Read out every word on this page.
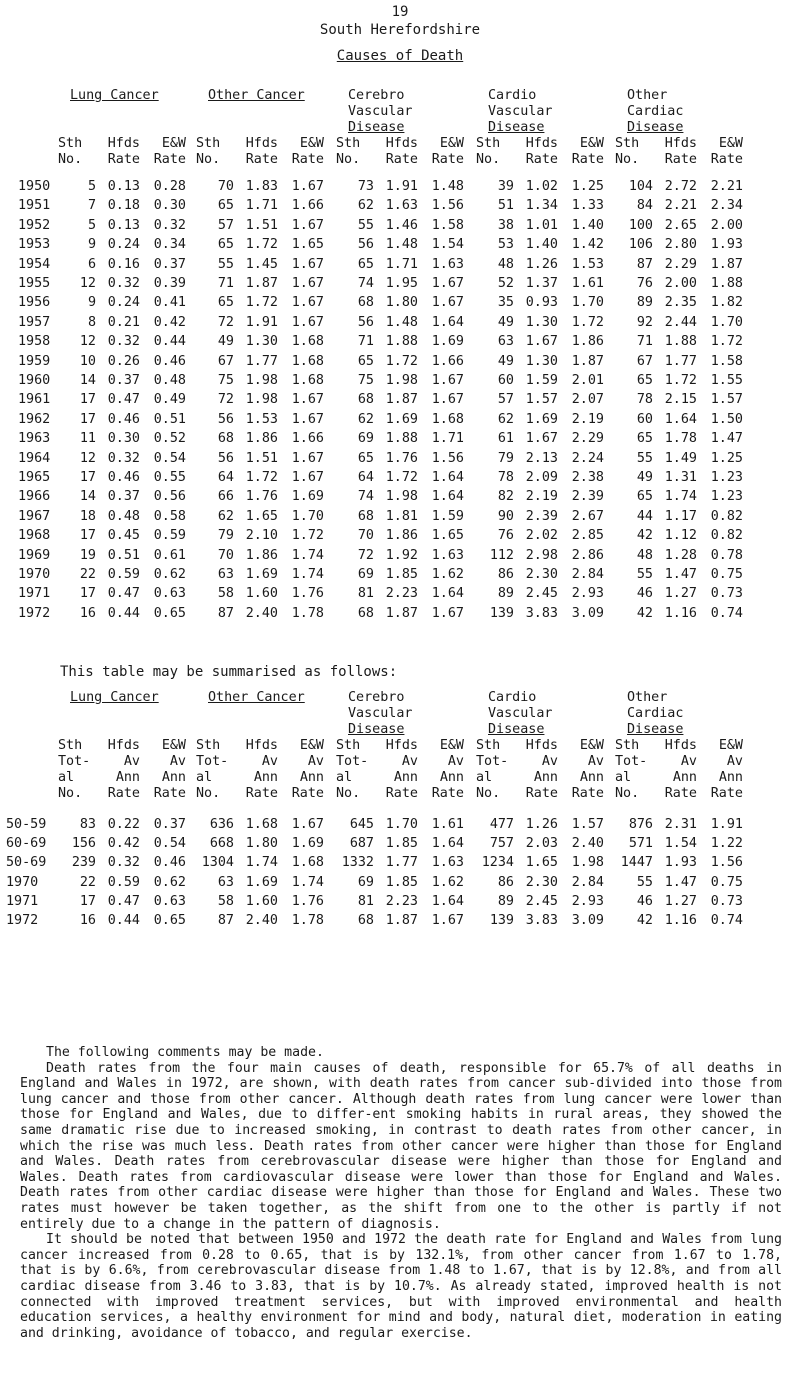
19
South Herefordshire
Causes of Death
Lung Cancer	Other Cancer	Cerebro
Vascular
Disease
Cardio
Vascular
Disease
Other
Cardiac
Disease
Sth	Hfds	E&W Sth	Hfds	E&W Sth	Hfds	E&W Sth	Hfds	E&W Sth	Hfds	E&W
No.	Rate	Rate No.	Rate	Rate No.	Rate	Rate No.	Rate	Rate No.	Rate	Rate
1950	5 0.13	0.28	70 1.83	1.67	73 1.91	1.48	39 1.02	1.25	104 2.72	2.21
1951	7 0.18	0.30	65 1.71	1.66	62 1.63	1.56	51 1.34	1.33	84 2.21	2.34
1952	5 0.13	0.32	57 1.51	1.67	55 1.46	1.58	38 1.01	1.40	100 2.65	2.00
1953	9 0.24	0.34	65 1.72	1.65	56 1.48	1.54	53 1.40	1.42	106 2.80	1.93
1954	6 0.16	0.37	55 1.45	1.67	65 1.71	1.63	48 1.26	1.53	87 2.29	1.87
1955	12 0.32	0.39	71 1.87	1.67	74 1.95	1.67	52 1.37	1.61	76 2.00	1.88
1956	9 0.24	0.41	65 1.72	1.67	68 1.80	1.67	35 0.93	1.70	89 2.35	1.82
1957	8 0.21	0.42	72 1.91	1.67	56 1.48	1.64	49 1.30	1.72	92 2.44	1.70
1958	12 0.32	0.44	49 1.30	1.68	71 1.88	1.69	63 1.67	1.86	71 1.88	1.72
1959	10 0.26	0.46	67 1.77	1.68	65 1.72	1.66	49 1.30	1.87	67 1.77	1.58
1960	14 0.37	0.48	75 1.98	1.68	75 1.98	1.67	60 1.59	2.01	65 1.72	1.55
1961	17 0.47	0.49	72 1.98	1.67	68 1.87	1.67	57 1.57	2.07	78 2.15	1.57
1962	17 0.46	0.51	56 1.53	1.67	62 1.69	1.68	62 1.69	2.19	60 1.64	1.50
1963	11 0.30	0.52	68 1.86	1.66	69 1.88	1.71	61 1.67	2.29	65 1.78	1.47
1964	12 0.32	0.54	56 1.51	1.67	65 1.76	1.56	79 2.13	2.24	55 1.49	1.25
1965	17 0.46	0.55	64 1.72	1.67	64 1.72	1.64	78 2.09	2.38	49 1.31	1.23
1966	14 0.37	0.56	66 1.76	1.69	74 1.98	1.64	82 2.19	2.39	65 1.74	1.23
1967	18 0.48	0.58	62 1.65	1.70	68 1.81	1.59	90 2.39	2.67	44 1.17	0.82
1968	17 0.45	0.59	79 2.10	1.72	70 1.86	1.65	76 2.02	2.85	42 1.12	0.82
1969	19 0.51	0.61	70 1.86	1.74	72 1.92	1.63	112 2.98	2.86	48 1.28	0.78
1970	22 0.59	0.62	63 1.69	1.74	69 1.85	1.62	86 2.30	2.84	55 1.47	0.75
1971	17 0.47	0.63	58 1.60	1.76	81 2.23	1.64	89 2.45	2.93	46 1.27	0.73
1972	16 0.44	0.65	87 2.40	1.78	68 1.87	1.67	139 3.83	3.09	42 1.16	0.74
This table may be summarised as follows:
Lung Cancer	Other Cancer	Cerebro
Vascular
Disease
Cardio
Vascular
Disease
Other
Cardiac
Disease
Sth	Hfds	E&W Sth	Hfds	E&W Sth	Hfds	E&W Sth	Hfds	E&W Sth	Hfds	E&W
Tot-	Av	Av Tot-	Av	Av Tot-	Av	Av Tot-	Av	Av Tot-	Av	Av
al	Ann	Ann al	Ann	Ann al	Ann	Ann al	Ann	Ann al	Ann	Ann
No.	Rate	Rate No.	Rate	Rate No.	Rate	Rate No.	Rate	Rate No.	Rate	Rate
50-59	83 0.22	0.37	636 1.68	1.67	645 1.70	1.61	477 1.26	1.57	876 2.31	1.91
60-69	156 0.42	0.54	668 1.80	1.69	687 1.85	1.64	757 2.03	2.40	571 1.54	1.22
50-69	239 0.32	0.46	1304 1.74	1.68	1332 1.77	1.63	1234 1.65	1.98	1447 1.93	1.56
1970	22 0.59	0.62	63 1.69	1.74	69 1.85	1.62	86 2.30	2.84	55 1.47	0.75
1971	17 0.47	0.63	58 1.60	1.76	81 2.23	1.64	89 2.45	2.93	46 1.27	0.73
1972	16 0.44	0.65	87 2.40	1.78	68 1.87	1.67	139 3.83	3.09	42 1.16	0.74

The following comments may be made.

Death rates from the four main causes of death, responsible for 65.7% of all deaths in England and Wales in 1972, are shown, with death rates from cancer sub-divided into those from lung cancer and those from other cancer. Although death rates from lung cancer were lower than those for England and Wales, due to differ-ent smoking habits in rural areas, they showed the same dramatic rise due to increased smoking, in contrast to death rates from other cancer, in which the rise was much less. Death rates from other cancer were higher than those for England and Wales. Death rates from cerebrovascular disease were higher than those for England and Wales. Death rates from cardiovascular disease were lower than those for England and Wales. Death rates from other cardiac disease were higher than those for England and Wales. These two rates must however be taken together, as the shift from one to the other is partly if not entirely due to a change in the pattern of diagnosis.

It should be noted that between 1950 and 1972 the death rate for England and Wales from lung cancer increased from 0.28 to 0.65, that is by 132.1%, from other cancer from 1.67 to 1.78, that is by 6.6%, from cerebrovascular disease from 1.48 to 1.67, that is by 12.8%, and from all cardiac disease from 3.46 to 3.83, that is by 10.7%. As already stated, improved health is not connected with improved treatment services, but with improved environmental and health education services, a healthy environment for mind and body, natural diet, moderation in eating and drinking, avoidance of tobacco, and regular exercise.
